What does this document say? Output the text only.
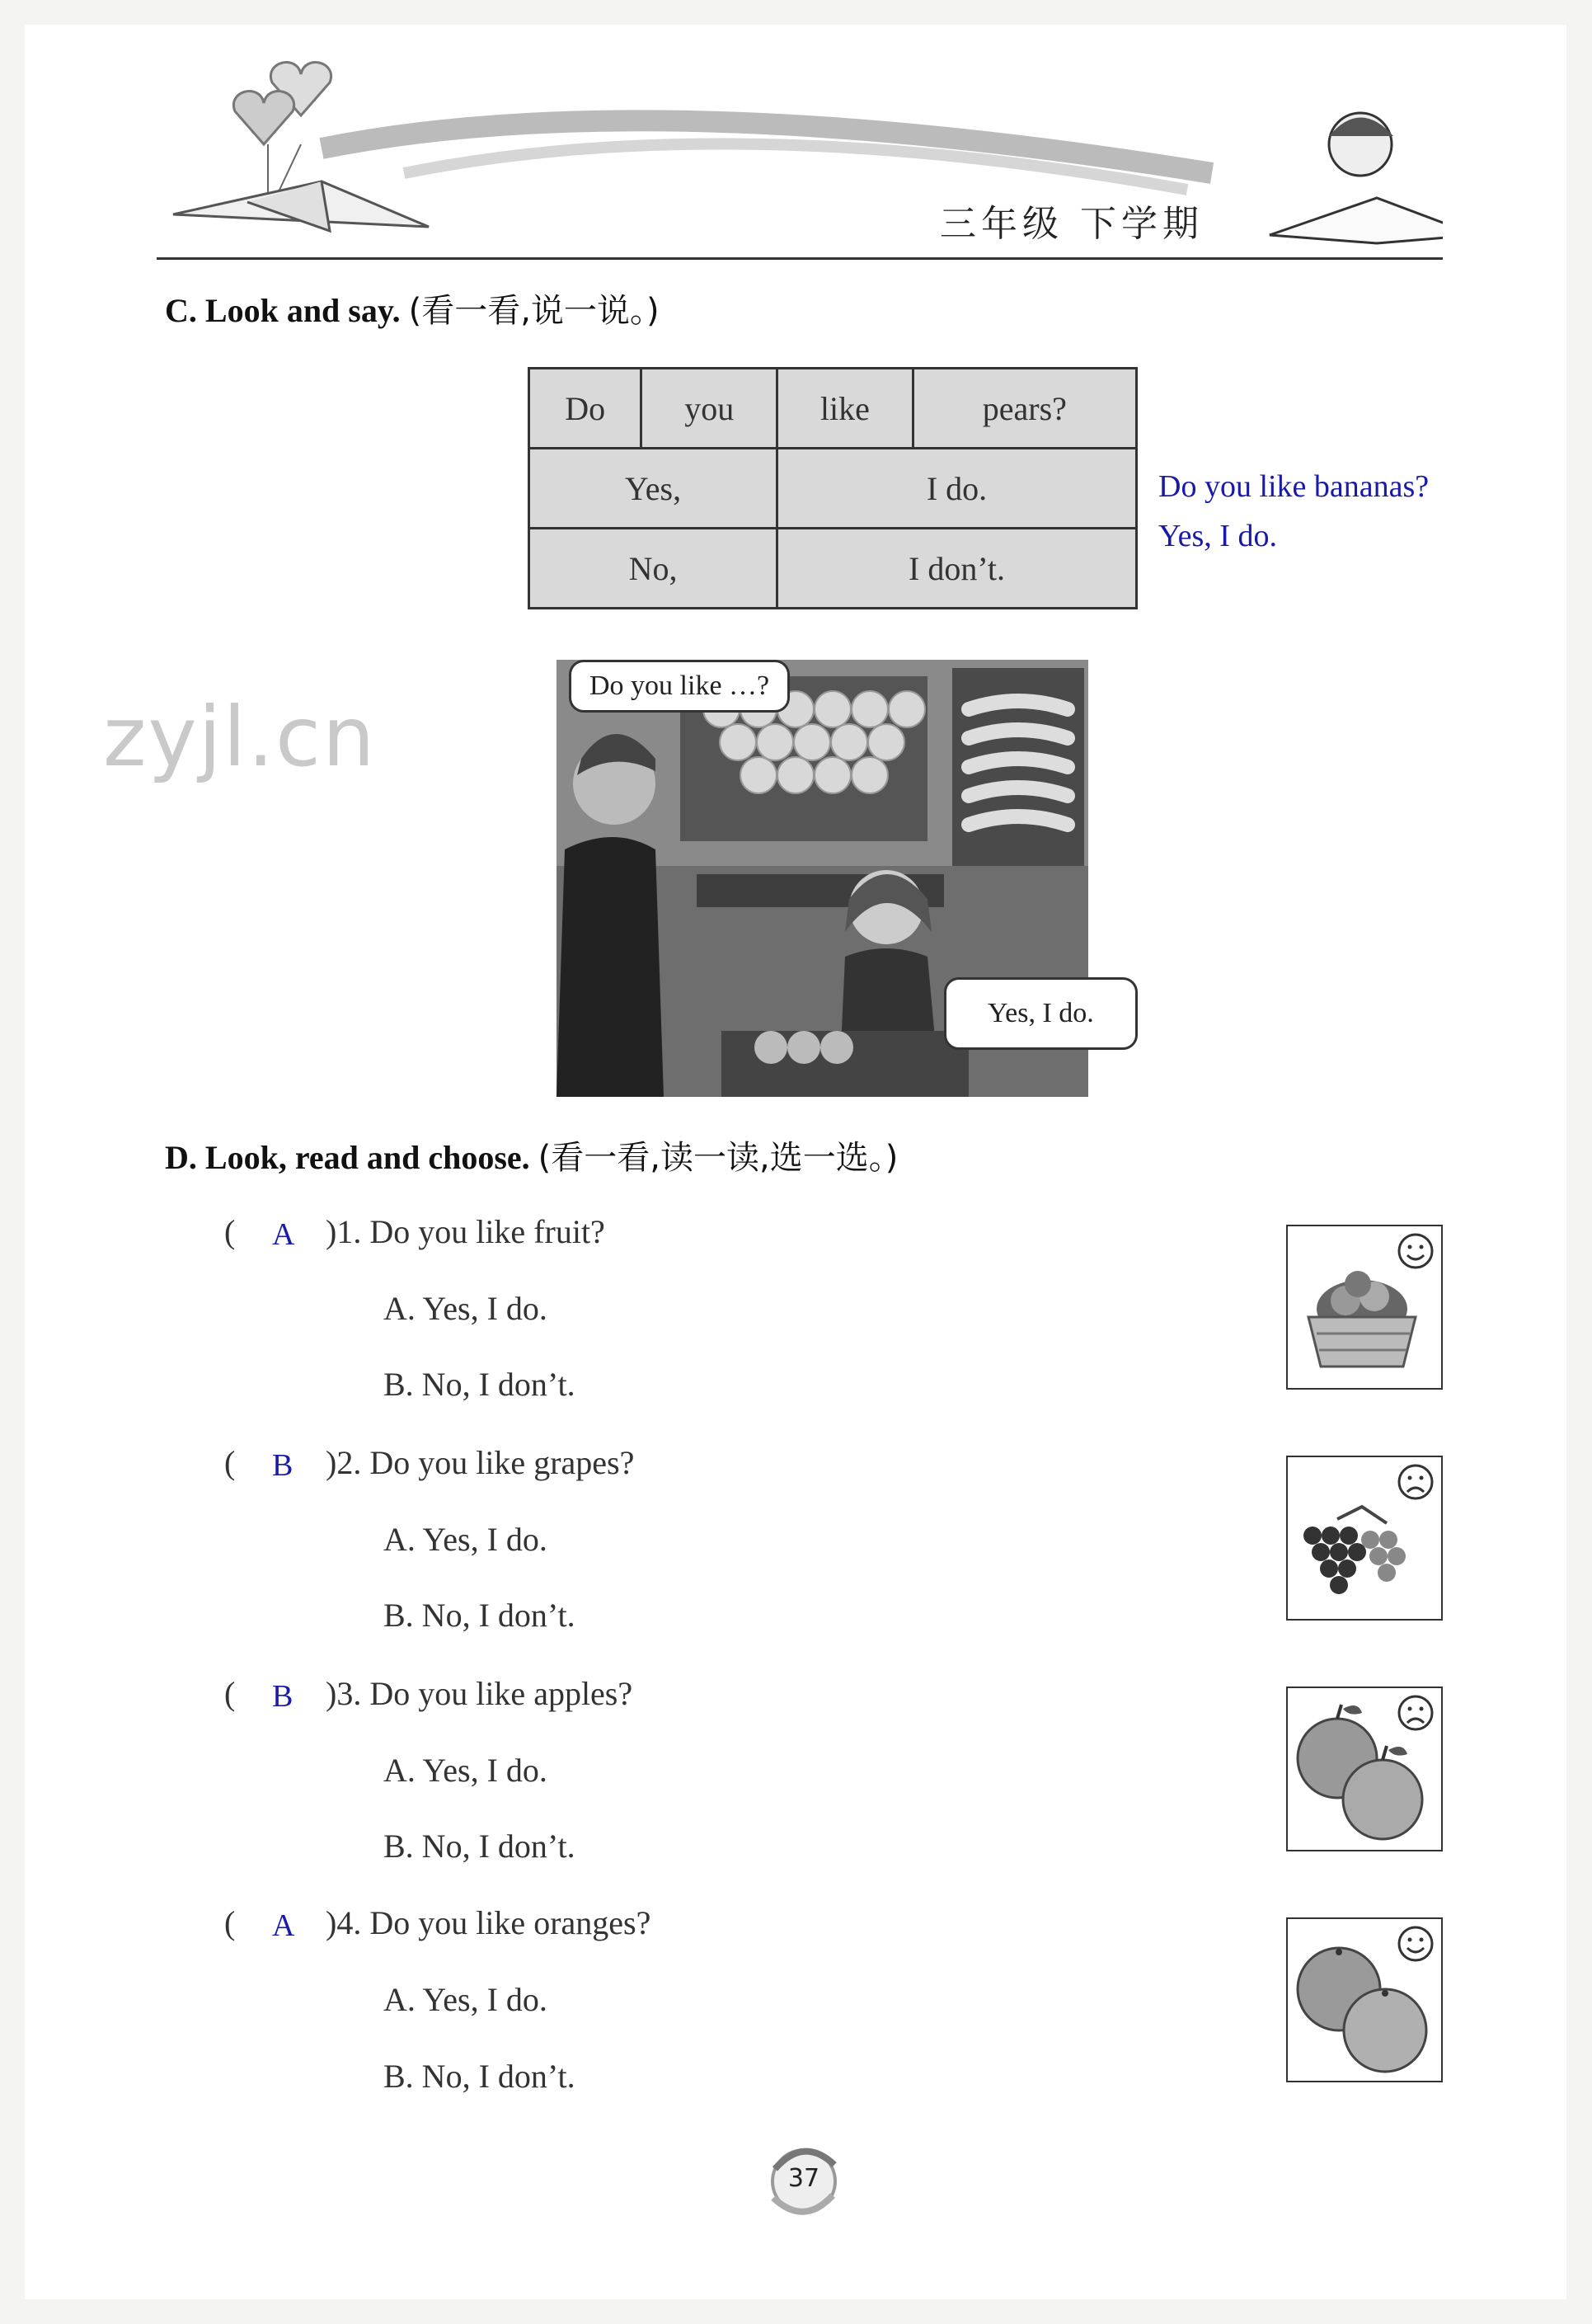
三年级 下学期
C. Look and say. (看一看,说一说。)
Do	you	like	pears?
Yes,		I do.	
No,		I don’t.	
Do you like bananas?
Yes, I do.
zyjl.cn
Do you like …?
Yes, I do.
D. Look, read and choose. (看一看,读一读,选一选。)
( A )1. Do you like fruit?
A. Yes, I do.
B. No, I don’t.
( B )2. Do you like grapes?
A. Yes, I do.
B. No, I don’t.
( B )3. Do you like apples?
A. Yes, I do.
B. No, I don’t.
( A )4. Do you like oranges?
A. Yes, I do.
B. No, I don’t.
37
